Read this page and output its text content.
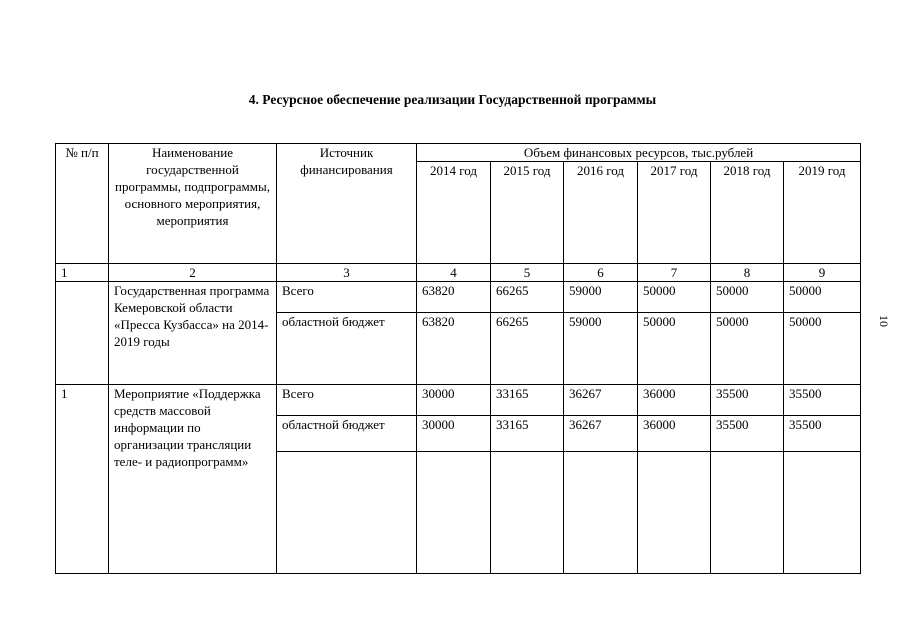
4. Ресурсное обеспечение реализации Государственной программы
10
№ п/п	Наименование государственной программы, подпрограммы, основного мероприятия, мероприятия	Источник финансирования	Объем финансовых ресурсов, тыс.рублей					
			2014 год	2015 год	2016 год	2017 год	2018 год	2019 год
1	2	3	4	5	6	7	8	9
	Государственная программа Кемеровской области «Пресса Кузбасса» на 2014-2019 годы	Всего	63820	66265	59000	50000	50000	50000
		областной бюджет	63820	66265	59000	50000	50000	50000
1	Мероприятие «Поддержка средств массовой информации по организации трансляции теле- и радиопрограмм»	Всего	30000	33165	36267	36000	35500	35500
		областной бюджет	30000	33165	36267	36000	35500	35500
